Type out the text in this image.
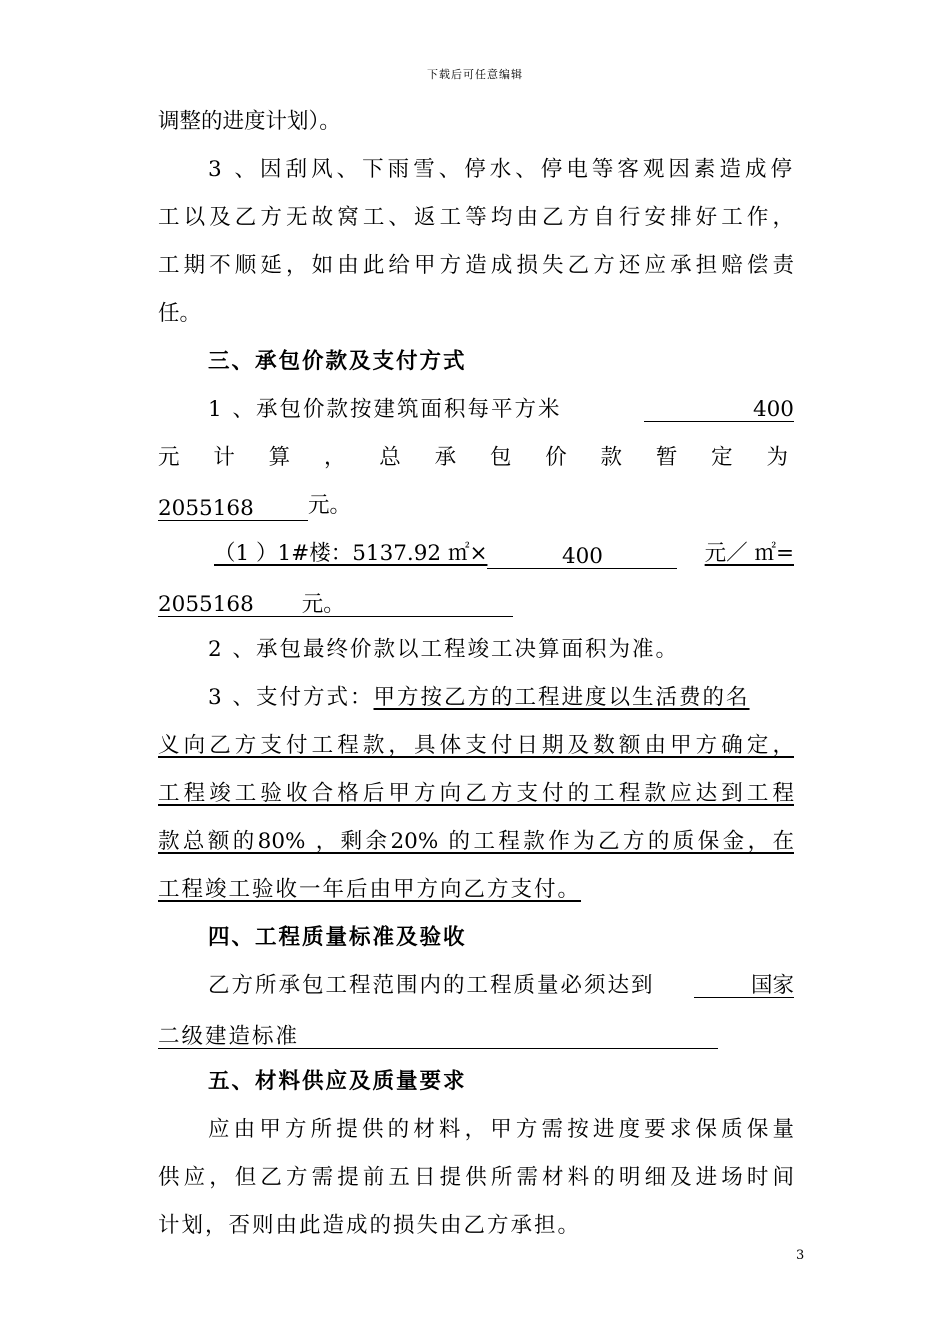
下载后可任意编辑
调整的进度计划）。
3 、因刮风、下雨雪、停水、停电等客观因素造成停
工以及乙方无故窝工、返工等均由乙方自行安排好工作，
工期不顺延，如由此给甲方造成损失乙方还应承担赔偿责
任。
三、承包价款及支付方式
1 、承包价款按建筑面积每平方米	400
元计算，总承包价款暂定为
2055168	元。
（1 ）1#楼：5137.92 ㎡×	400	元／ ㎡=
2055168 元。
2 、承包最终价款以工程竣工决算面积为准。
3 、支付方式：甲方按乙方的工程进度以生活费的名
义向乙方支付工程款，具体支付日期及数额由甲方确定，
工程竣工验收合格后甲方向乙方支付的工程款应达到工程
款总额的80% ，剩余20% 的工程款作为乙方的质保金，在
工程竣工验收一年后由甲方向乙方支付。
四、工程质量标准及验收
乙方所承包工程范围内的工程质量必须达到	国家
二级建造标准
五、材料供应及质量要求
应由甲方所提供的材料，甲方需按进度要求保质保量
供应，但乙方需提前五日提供所需材料的明细及进场时间
计划，否则由此造成的损失由乙方承担。
3
